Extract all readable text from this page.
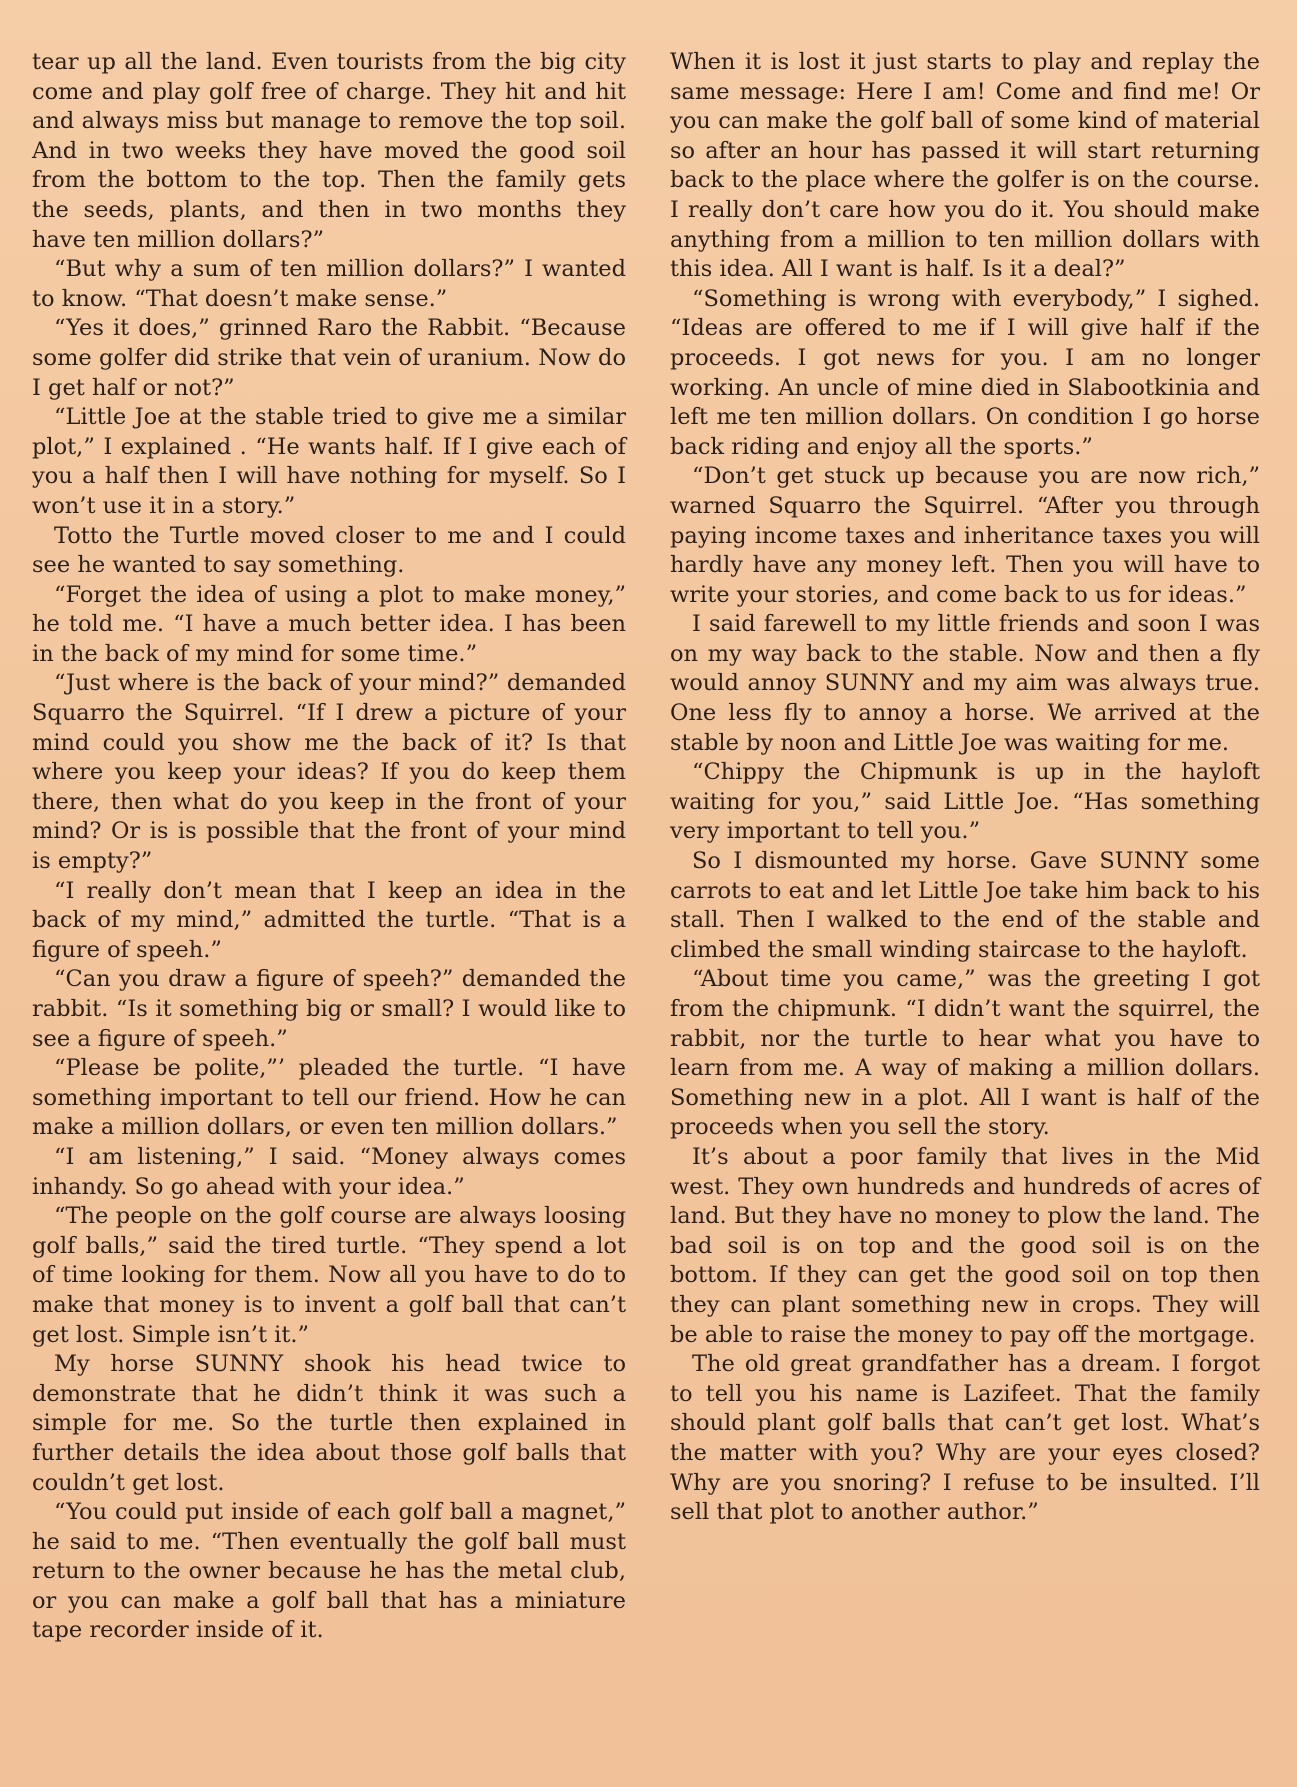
tear up all the land. Even tourists from the big city come and play golf free of charge. They hit and hit and always miss but manage to remove the top soil. And in two weeks they have moved the good soil from the bottom to the top. Then the family gets the seeds, plants, and then in two months they have ten million dollars?”

“But why a sum of ten million dollars?” I wanted to know. “That doesn’t make sense.”

“Yes it does,” grinned Raro the Rabbit. “Because some golfer did strike that vein of uranium. Now do I get half or not?”

“Little Joe at the stable tried to give me a similar plot,” I explained . “He wants half. If I give each of you a half then I will have nothing for myself. So I won’t use it in a story.”

Totto the Turtle moved closer to me and I could see he wanted to say something.

“Forget the idea of using a plot to make money,” he told me. “I have a much better idea. I has been in the back of my mind for some time.”

“Just where is the back of your mind?” demanded Squarro the Squirrel. “If I drew a picture of your mind could you show me the back of it? Is that where you keep your ideas? If you do keep them there, then what do you keep in the front of your mind? Or is is possible that the front of your mind is empty?”

“I really don’t mean that I keep an idea in the back of my mind,” admitted the turtle. “That is a figure of speeh.”

“Can you draw a figure of speeh?” demanded the rabbit. “Is it something big or small? I would like to see a figure of speeh.”

“Please be polite,”’ pleaded the turtle. “I have something important to tell our friend. How he can make a million dollars, or even ten million dollars.”

“I am listening,” I said. “Money always comes inhandy. So go ahead with your idea.”

“The people on the golf course are always loosing golf balls,” said the tired turtle. “They spend a lot of time looking for them. Now all you have to do to make that money is to invent a golf ball that can’t get lost. Simple isn’t it.”

My horse SUNNY shook his head twice to demonstrate that he didn’t think it was such a simple for me. So the turtle then explained in further details the idea about those golf balls that couldn’t get lost.

“You could put inside of each golf ball a magnet,” he said to me. “Then eventually the golf ball must return to the owner because he has the metal club, or you can make a golf ball that has a miniature tape recorder inside of it.

When it is lost it just starts to play and replay the same message: Here I am! Come and find me! Or you can make the golf ball of some kind of material so after an hour has passed it will start returning back to the place where the golfer is on the course. I really don’t care how you do it. You should make anything from a million to ten million dollars with this idea. All I want is half. Is it a deal?”

“Something is wrong with everybody,” I sighed. “Ideas are offered to me if I will give half if the proceeds. I got news for you. I am no longer working. An uncle of mine died in Slabootkinia and left me ten million dollars. On condition I go horse back riding and enjoy all the sports.”

“Don’t get stuck up because you are now rich,” warned Squarro the Squirrel. “After you through paying income taxes and inheritance taxes you will hardly have any money left. Then you will have to write your stories, and come back to us for ideas.”

I said farewell to my little friends and soon I was on my way back to the stable. Now and then a fly would annoy SUNNY and my aim was always true. One less fly to annoy a horse. We arrived at the stable by noon and Little Joe was waiting for me.

“Chippy the Chipmunk is up in the hayloft waiting for you,” said Little Joe. “Has something very important to tell you.”

So I dismounted my horse. Gave SUNNY some carrots to eat and let Little Joe take him back to his stall. Then I walked to the end of the stable and climbed the small winding staircase to the hayloft.

“About time you came,” was the greeting I got from the chipmunk. “I didn’t want the squirrel, the rabbit, nor the turtle to hear what you have to learn from me. A way of making a million dollars. Something new in a plot. All I want is half of the proceeds when you sell the story.

It’s about a poor family that lives in the Mid west. They own hundreds and hundreds of acres of land. But they have no money to plow the land. The bad soil is on top and the good soil is on the bottom. If they can get the good soil on top then they can plant something new in crops. They will be able to raise the money to pay off the mortgage.

The old great grandfather has a dream. I forgot to tell you his name is Lazifeet. That the family should plant golf balls that can’t get lost. What’s the matter with you? Why are your eyes closed? Why are you snoring? I refuse to be insulted. I’ll sell that plot to another author.”
